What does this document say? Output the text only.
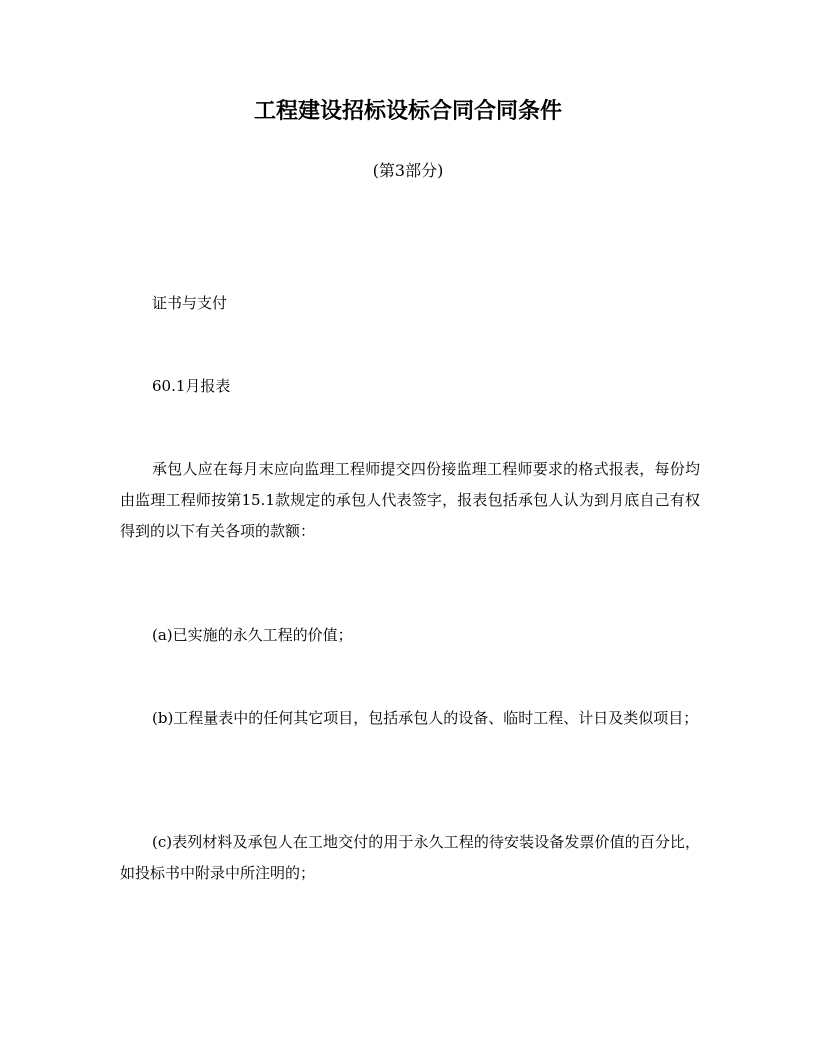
工程建设招标设标合同合同条件
(第3部分)
证书与支付
60.1月报表
承包人应在每月末应向监理工程师提交四份接监理工程师要求的格式报表，每份均由监理工程师按第15.1款规定的承包人代表签字，报表包括承包人认为到月底自己有权得到的以下有关各项的款额：
(a)已实施的永久工程的价值；
(b)工程量表中的任何其它项目，包括承包人的设备、临时工程、计日及类似项目；
(c)表列材料及承包人在工地交付的用于永久工程的待安装设备发票价值的百分比，如投标书中附录中所注明的；
